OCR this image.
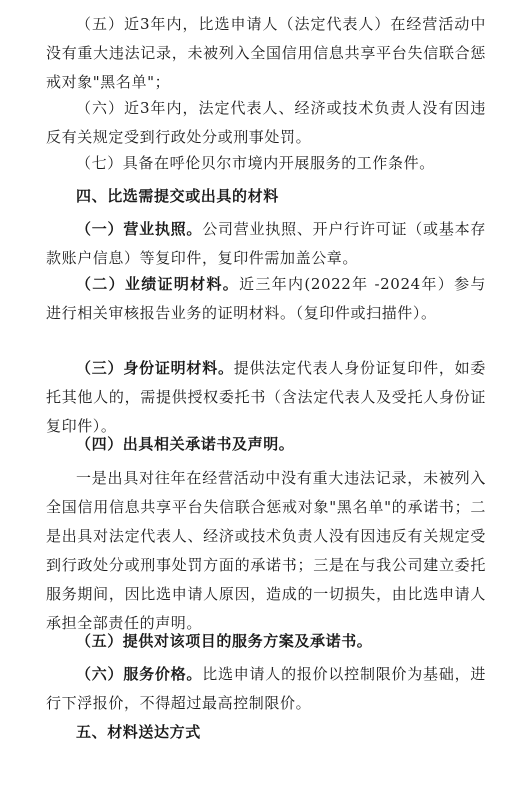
（五）近3年内，比选申请人（法定代表人）在经营活动中没有重大违法记录，未被列入全国信用信息共享平台失信联合惩戒对象"黑名单"；

（六）近3年内，法定代表人、经济或技术负责人没有因违反有关规定受到行政处分或刑事处罚。

（七）具备在呼伦贝尔市境内开展服务的工作条件。

四、比选需提交或出具的材料

（一）营业执照。公司营业执照、开户行许可证（或基本存款账户信息）等复印件，复印件需加盖公章。

（二）业绩证明材料。近三年内(2022年 -2024年）参与进行相关审核报告业务的证明材料。（复印件或扫描件）。

（三）身份证明材料。提供法定代表人身份证复印件，如委托其他人的，需提供授权委托书（含法定代表人及受托人身份证复印件）。

（四）出具相关承诺书及声明。

一是出具对往年在经营活动中没有重大违法记录，未被列入全国信用信息共享平台失信联合惩戒对象"黑名单"的承诺书；二是出具对法定代表人、经济或技术负责人没有因违反有关规定受到行政处分或刑事处罚方面的承诺书；三是在与我公司建立委托服务期间，因比选申请人原因，造成的一切损失，由比选申请人承担全部责任的声明。

（五）提供对该项目的服务方案及承诺书。

（六）服务价格。比选申请人的报价以控制限价为基础，进行下浮报价，不得超过最高控制限价。

五、材料送达方式
